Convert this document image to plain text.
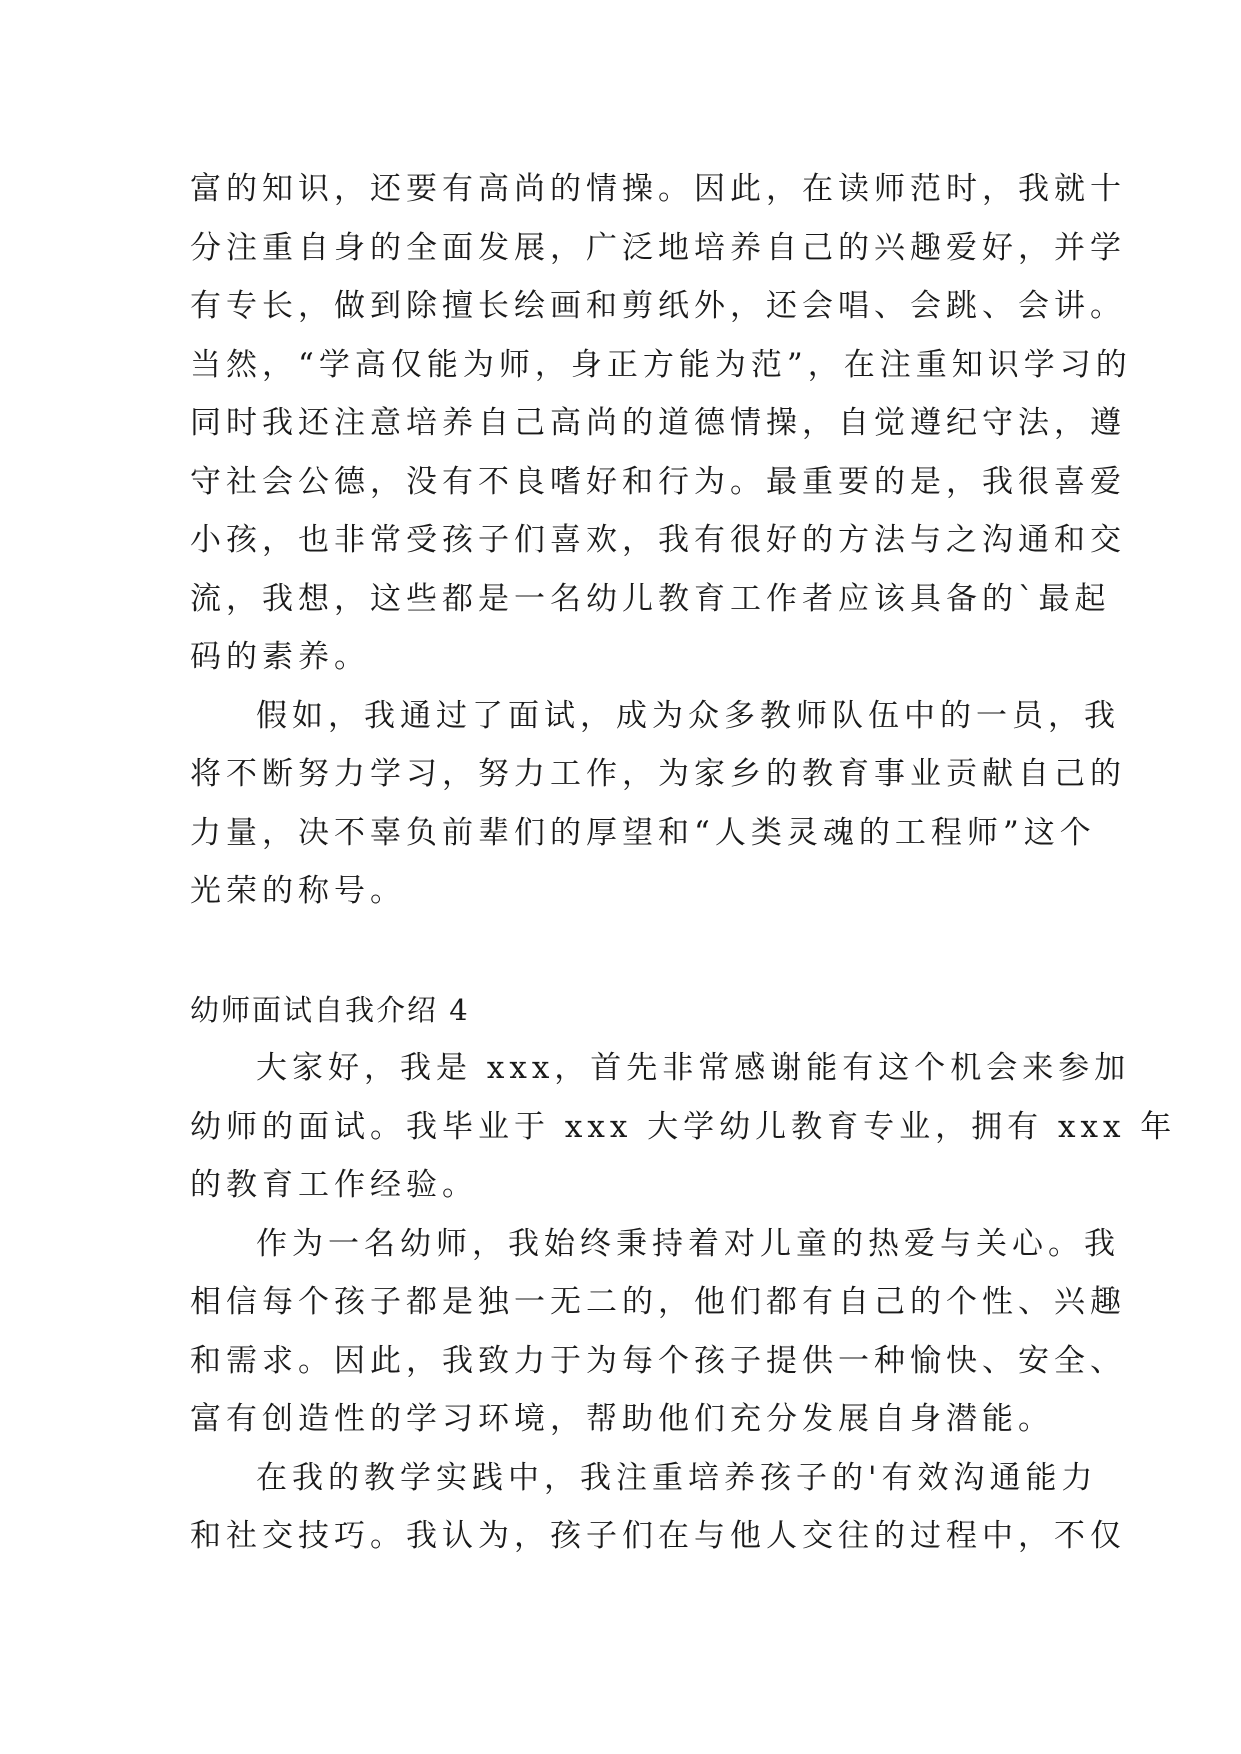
富的知识，还要有高尚的情操。因此，在读师范时，我就十
分注重自身的全面发展，广泛地培养自己的兴趣爱好，并学
有专长，做到除擅长绘画和剪纸外，还会唱、会跳、会讲。
当然，“学高仅能为师，身正方能为范”，在注重知识学习的
同时我还注意培养自己高尚的道德情操，自觉遵纪守法，遵
守社会公德，没有不良嗜好和行为。最重要的是，我很喜爱
小孩，也非常受孩子们喜欢，我有很好的方法与之沟通和交
流，我想，这些都是一名幼儿教育工作者应该具备的`最起
码的素养。
假如，我通过了面试，成为众多教师队伍中的一员，我
将不断努力学习，努力工作，为家乡的教育事业贡献自己的
力量，决不辜负前辈们的厚望和“人类灵魂的工程师”这个
光荣的称号。
幼师面试自我介绍 4
大家好，我是 xxx，首先非常感谢能有这个机会来参加
幼师的面试。我毕业于 xxx 大学幼儿教育专业，拥有 xxx 年
的教育工作经验。
作为一名幼师，我始终秉持着对儿童的热爱与关心。我
相信每个孩子都是独一无二的，他们都有自己的个性、兴趣
和需求。因此，我致力于为每个孩子提供一种愉快、安全、
富有创造性的学习环境，帮助他们充分发展自身潜能。
在我的教学实践中，我注重培养孩子的'有效沟通能力
和社交技巧。我认为，孩子们在与他人交往的过程中，不仅
